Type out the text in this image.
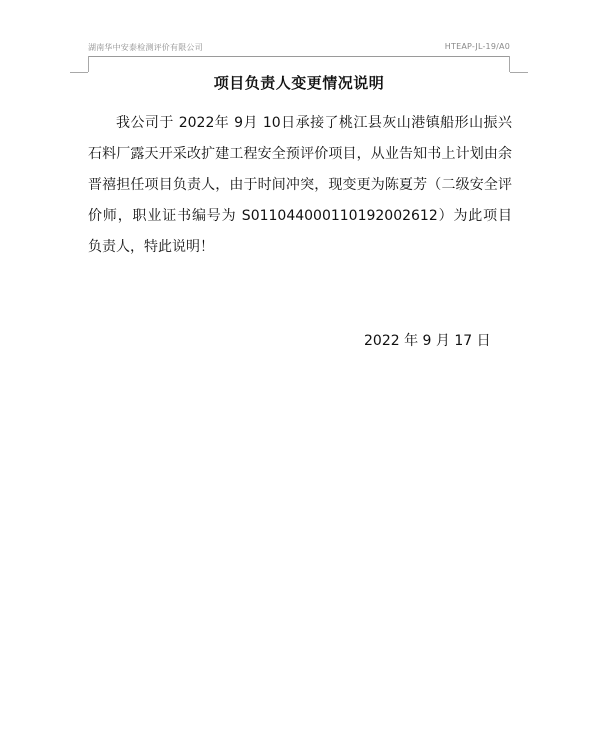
湖南华中安泰检测评价有限公司	HTEAP-JL-19/A0
项目负责人变更情况说明
我公司于 2022年 9月 10日承接了桃江县灰山港镇船形山振兴石料厂露天开采改扩建工程安全预评价项目，从业告知书上计划由余晋禧担任项目负责人，由于时间冲突，现变更为陈夏芳（二级安全评价师，职业证书编号为 S011044000110192002612）为此项目负责人，特此说明！
2022 年 9 月 17 日
